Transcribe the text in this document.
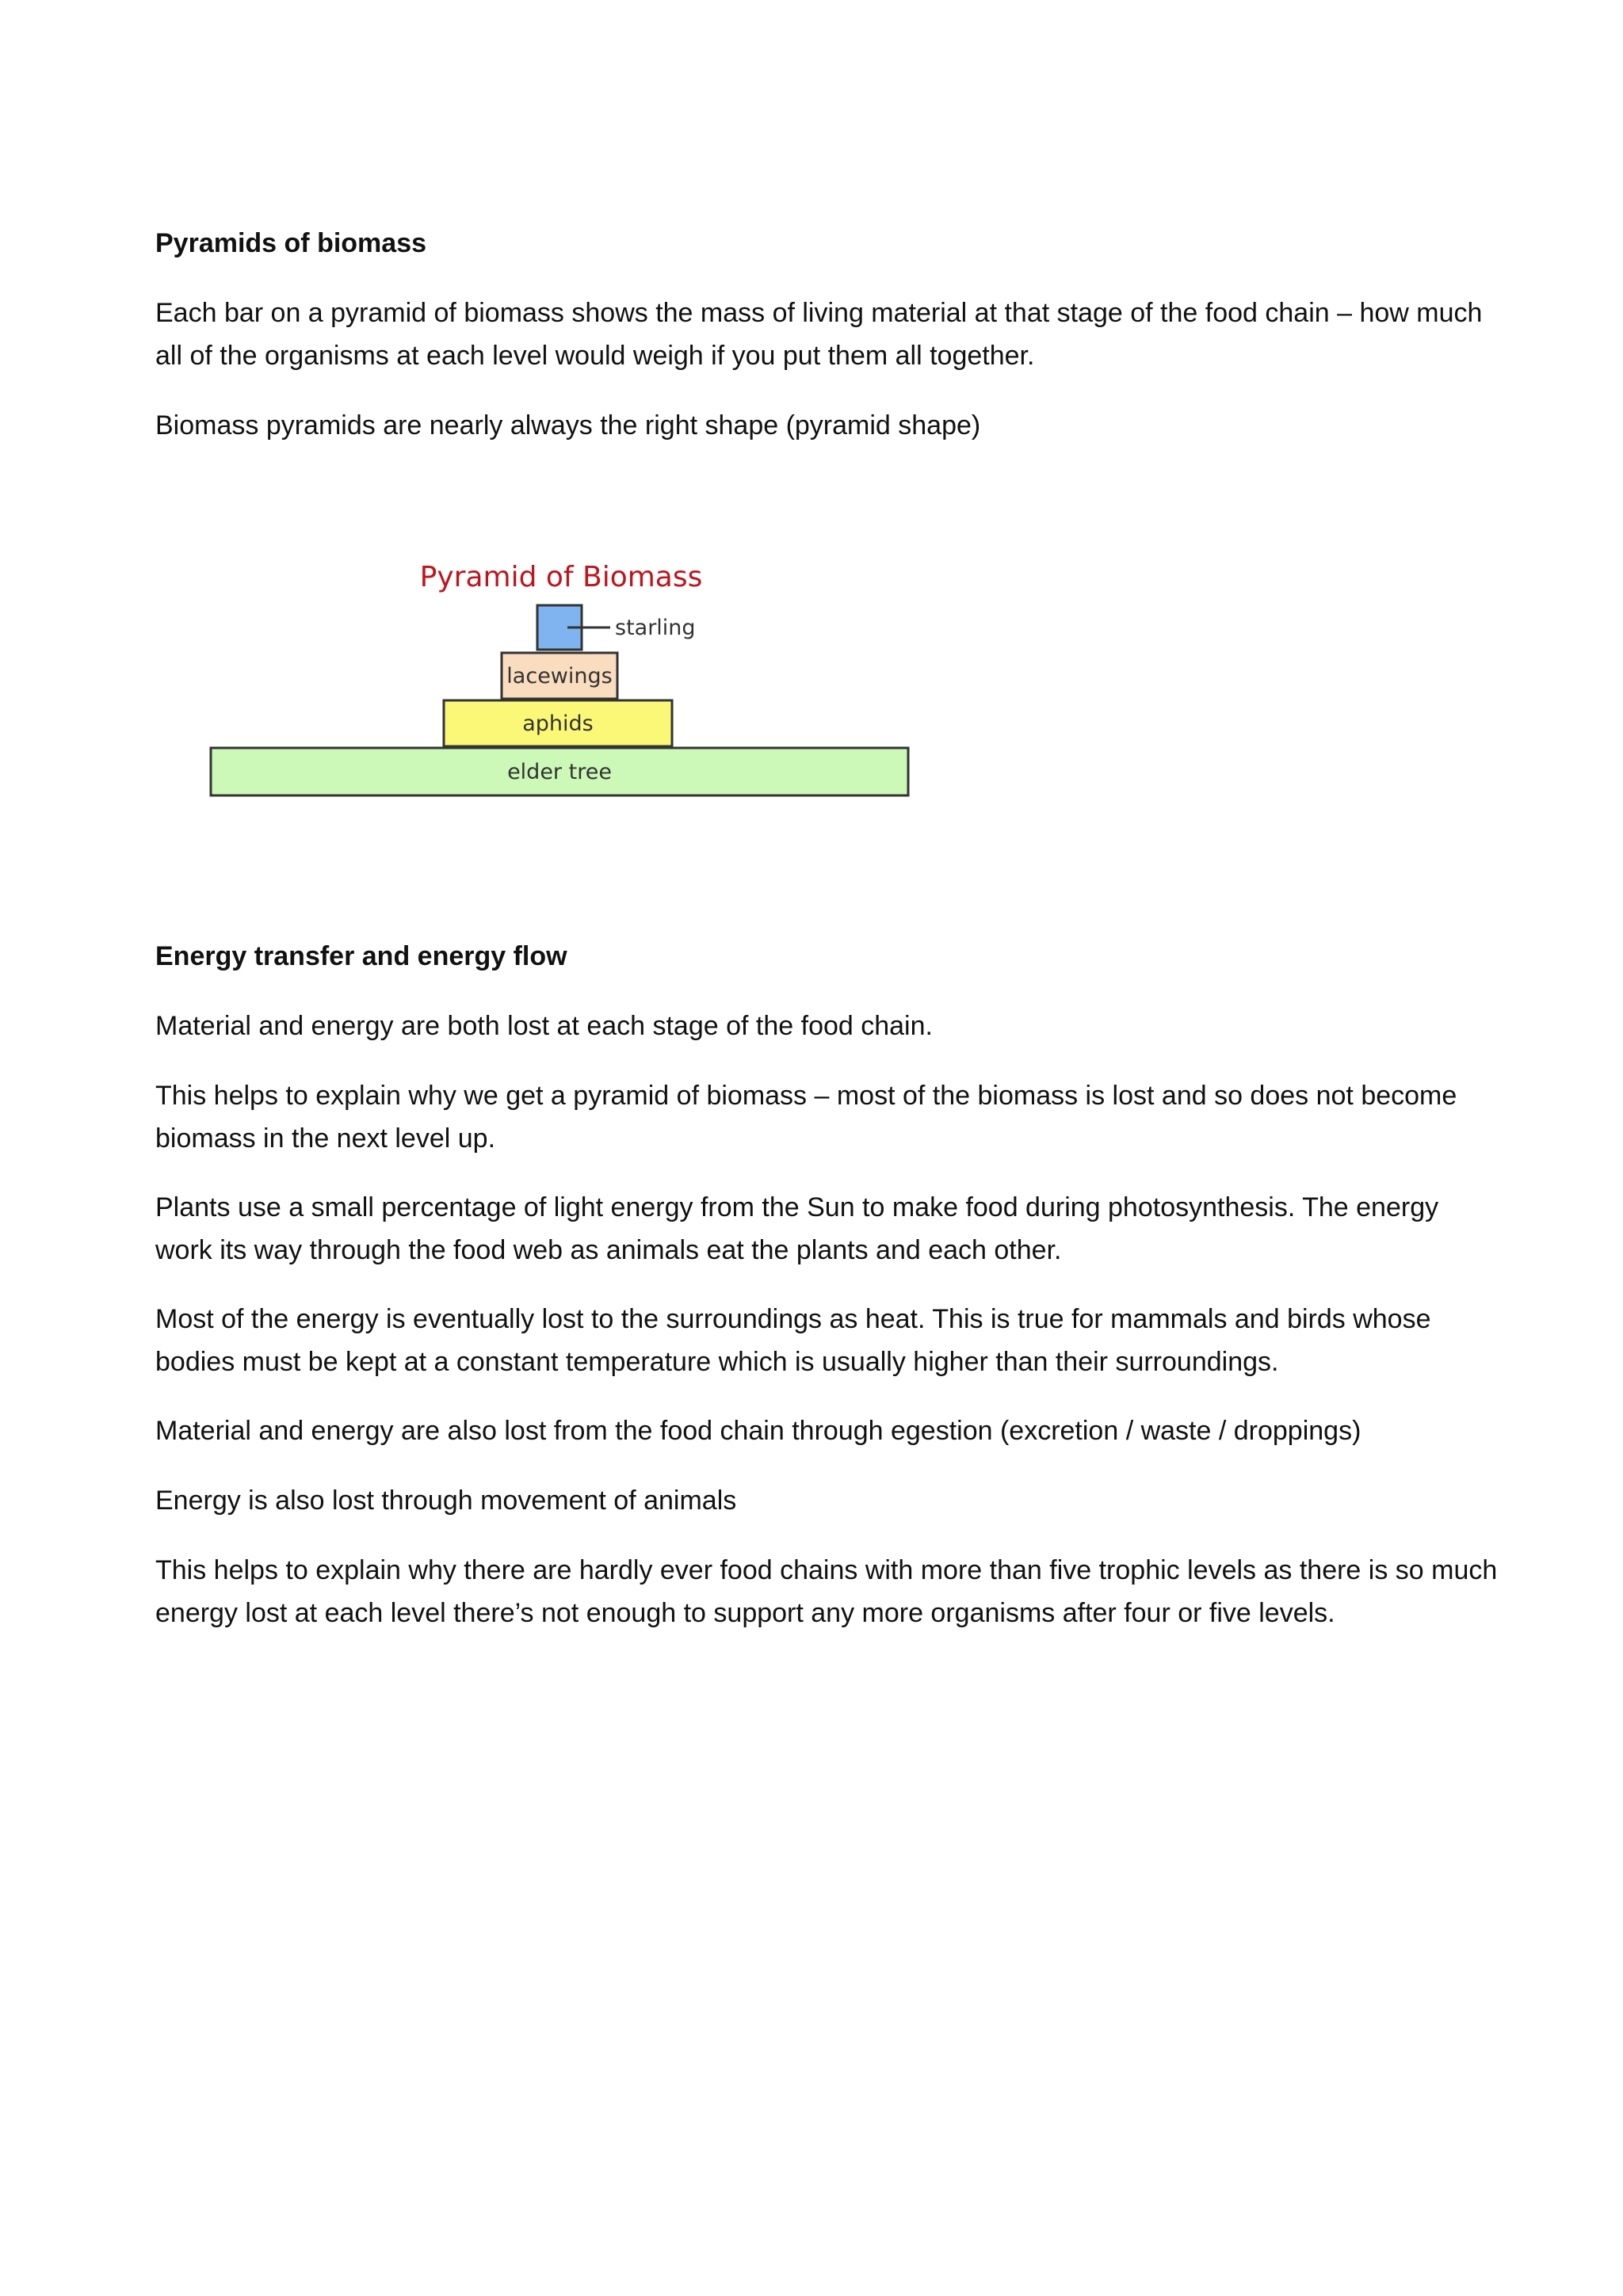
Pyramids of biomass

Each bar on a pyramid of biomass shows the mass of living material at that stage of the food chain – how much all of the organisms at each level would weigh if you put them all together.

Biomass pyramids are nearly always the right shape (pyramid shape)

Pyramid of Biomass
starling
lacewings
aphids
elder tree
Energy transfer and energy flow

Material and energy are both lost at each stage of the food chain.

This helps to explain why we get a pyramid of biomass – most of the biomass is lost and so does not become biomass in the next level up.

Plants use a small percentage of light energy from the Sun to make food during photosynthesis. The energy work its way through the food web as animals eat the plants and each other.

Most of the energy is eventually lost to the surroundings as heat. This is true for mammals and birds whose bodies must be kept at a constant temperature which is usually higher than their surroundings.

Material and energy are also lost from the food chain through egestion (excretion / waste / droppings)

Energy is also lost through movement of animals

This helps to explain why there are hardly ever food chains with more than five trophic levels as there is so much energy lost at each level there’s not enough to support any more organisms after four or five levels.
